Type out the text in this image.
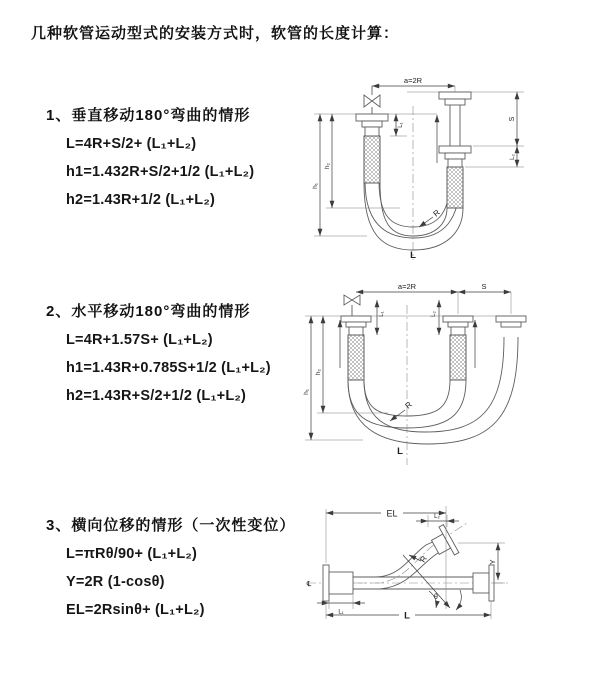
几种软管运动型式的安装方式时，软管的长度计算：
1、垂直移动180°弯曲的情形
L=4R+S/2+ (L₁+L₂)
h1=1.432R+S/2+1/2 (L₁+L₂)
h2=1.43R+1/2 (L₁+L₂)
a=2R
S
L₂
L₁
h₁
h₂
R
L
2、水平移动180°弯曲的情形
L=4R+1.57S+ (L₁+L₂)
h1=1.43R+0.785S+1/2 (L₁+L₂)
h2=1.43R+S/2+1/2 (L₁+L₂)
a=2R	S
L₁	L₂
h₁
h₂
R
L
3、横向位移的情形（一次性变位）
L=πRθ/90+ (L₁+L₂)
Y=2R (1-cosθ)
EL=2Rsinθ+ (L₁+L₂)
℄
θ
R
EL	L₂
Y
L₁	L
